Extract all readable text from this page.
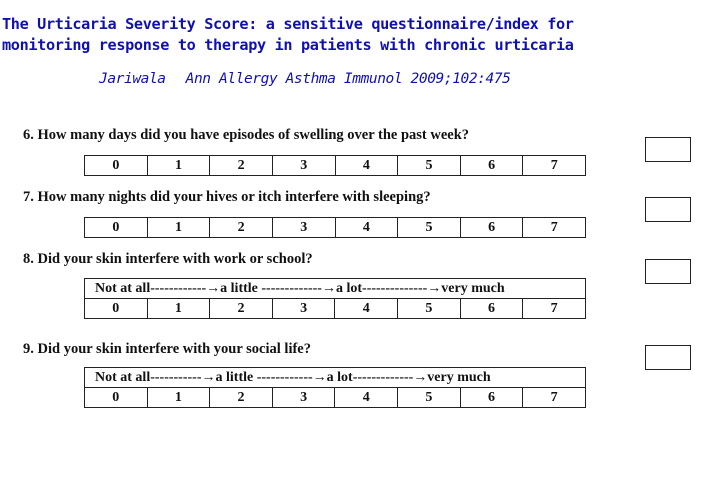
The Urticaria Severity Score: a sensitive questionnaire/index for
monitoring response to therapy in patients with chronic urticaria
Jariwala Ann Allergy Asthma Immunol 2009;102:475
6. How many days did you have episodes of swelling over the past week?
0	1	2	3	4	5	6	7
7. How many nights did your hives or itch interfere with sleeping?
0	1	2	3	4	5	6	7
8. Did your skin interfere with work or school?
Not at all------------→a little -------------→a lot--------------→very much
0	1	2	3	4	5	6	7
9. Did your skin interfere with your social life?
Not at all-----------→a little ------------→a lot-------------→very much
0	1	2	3	4	5	6	7
